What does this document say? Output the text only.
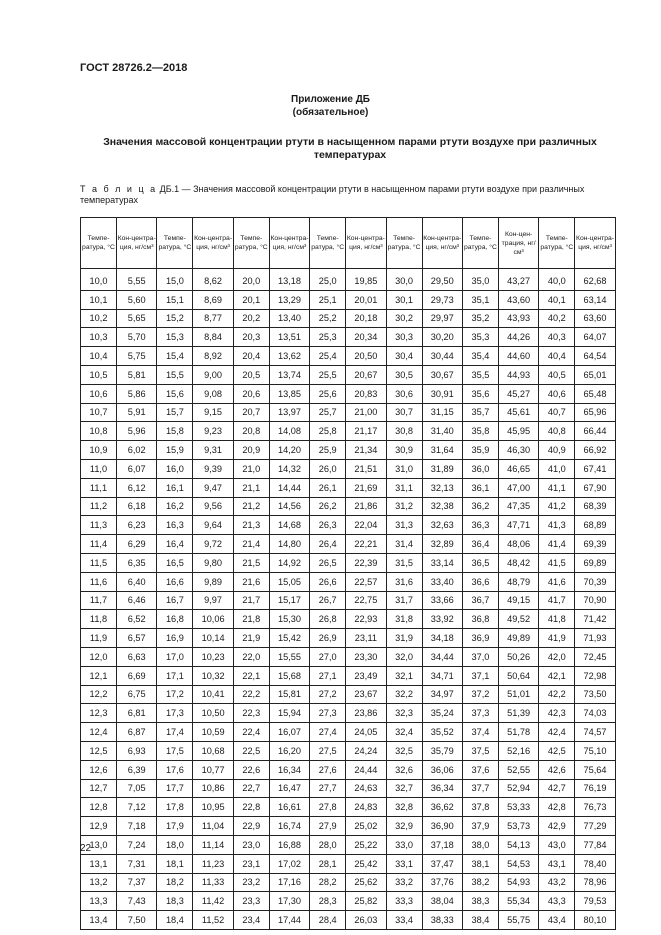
ГОСТ 28726.2—2018
Приложение ДБ
(обязательное)
Значения массовой концентрации ртути в насыщенном парами ртути воздухе при различных температурах
Т а б л и ц а ДБ.1 — Значения массовой концентрации ртути в насыщенном парами ртути воздухе при различных температурах
Темпе-ратура, °С	Кон-центра-ция, нг/см³	Темпе-ратура, °С	Кон-центра-ция, нг/см³	Темпе-ратура, °С	Кон-центра-ция, нг/см³	Темпе-ратура, °С	Кон-центра-ция, нг/см³	Темпе-ратура, °С	Кон-центра-ция, нг/см³	Темпе-ратура, °С	Кон-цен-трация, нг/см³	Темпе-ратура, °С	Кон-центра-ция, нг/см³
10,0	5,55	15,0	8,62	20,0	13,18	25,0	19,85	30,0	29,50	35,0	43,27	40,0	62,68
10,1	5,60	15,1	8,69	20,1	13,29	25,1	20,01	30,1	29,73	35,1	43,60	40,1	63,14
10,2	5,65	15,2	8,77	20,2	13,40	25,2	20,18	30,2	29,97	35,2	43,93	40,2	63,60
10,3	5,70	15,3	8,84	20,3	13,51	25,3	20,34	30,3	30,20	35,3	44,26	40,3	64,07
10,4	5,75	15,4	8,92	20,4	13,62	25,4	20,50	30,4	30,44	35,4	44,60	40,4	64,54
10,5	5,81	15,5	9,00	20,5	13,74	25,5	20,67	30,5	30,67	35,5	44,93	40,5	65,01
10,6	5,86	15,6	9,08	20,6	13,85	25,6	20,83	30,6	30,91	35,6	45,27	40,6	65,48
10,7	5,91	15,7	9,15	20,7	13,97	25,7	21,00	30,7	31,15	35,7	45,61	40,7	65,96
10,8	5,96	15,8	9,23	20,8	14,08	25,8	21,17	30,8	31,40	35,8	45,95	40,8	66,44
10,9	6,02	15,9	9,31	20,9	14,20	25,9	21,34	30,9	31,64	35,9	46,30	40,9	66,92
11,0	6,07	16,0	9,39	21,0	14,32	26,0	21,51	31,0	31,89	36,0	46,65	41,0	67,41
11,1	6,12	16,1	9,47	21,1	14,44	26,1	21,69	31,1	32,13	36,1	47,00	41,1	67,90
11,2	6,18	16,2	9,56	21,2	14,56	26,2	21,86	31,2	32,38	36,2	47,35	41,2	68,39
11,3	6,23	16,3	9,64	21,3	14,68	26,3	22,04	31,3	32,63	36,3	47,71	41,3	68,89
11,4	6,29	16,4	9,72	21,4	14,80	26,4	22,21	31,4	32,89	36,4	48,06	41,4	69,39
11,5	6,35	16,5	9,80	21,5	14,92	26,5	22,39	31,5	33,14	36,5	48,42	41,5	69,89
11,6	6,40	16,6	9,89	21,6	15,05	26,6	22,57	31,6	33,40	36,6	48,79	41,6	70,39
11,7	6,46	16,7	9,97	21,7	15,17	26,7	22,75	31,7	33,66	36,7	49,15	41,7	70,90
11,8	6,52	16,8	10,06	21,8	15,30	26,8	22,93	31,8	33,92	36,8	49,52	41,8	71,42
11,9	6,57	16,9	10,14	21,9	15,42	26,9	23,11	31,9	34,18	36,9	49,89	41,9	71,93
12,0	6,63	17,0	10,23	22,0	15,55	27,0	23,30	32,0	34,44	37,0	50,26	42,0	72,45
12,1	6,69	17,1	10,32	22,1	15,68	27,1	23,49	32,1	34,71	37,1	50,64	42,1	72,98
12,2	6,75	17,2	10,41	22,2	15,81	27,2	23,67	32,2	34,97	37,2	51,01	42,2	73,50
12,3	6,81	17,3	10,50	22,3	15,94	27,3	23,86	32,3	35,24	37,3	51,39	42,3	74,03
12,4	6,87	17,4	10,59	22,4	16,07	27,4	24,05	32,4	35,52	37,4	51,78	42,4	74,57
12,5	6,93	17,5	10,68	22,5	16,20	27,5	24,24	32,5	35,79	37,5	52,16	42,5	75,10
12,6	6,39	17,6	10,77	22,6	16,34	27,6	24,44	32,6	36,06	37,6	52,55	42,6	75,64
12,7	7,05	17,7	10,86	22,7	16,47	27,7	24,63	32,7	36,34	37,7	52,94	42,7	76,19
12,8	7,12	17,8	10,95	22,8	16,61	27,8	24,83	32,8	36,62	37,8	53,33	42,8	76,73
12,9	7,18	17,9	11,04	22,9	16,74	27,9	25,02	32,9	36,90	37,9	53,73	42,9	77,29
13,0	7,24	18,0	11,14	23,0	16,88	28,0	25,22	33,0	37,18	38,0	54,13	43,0	77,84
13,1	7,31	18,1	11,23	23,1	17,02	28,1	25,42	33,1	37,47	38,1	54,53	43,1	78,40
13,2	7,37	18,2	11,33	23,2	17,16	28,2	25,62	33,2	37,76	38,2	54,93	43,2	78,96
13,3	7,43	18,3	11,42	23,3	17,30	28,3	25,82	33,3	38,04	38,3	55,34	43,3	79,53
13,4	7,50	18,4	11,52	23,4	17,44	28,4	26,03	33,4	38,33	38,4	55,75	43,4	80,10
22
